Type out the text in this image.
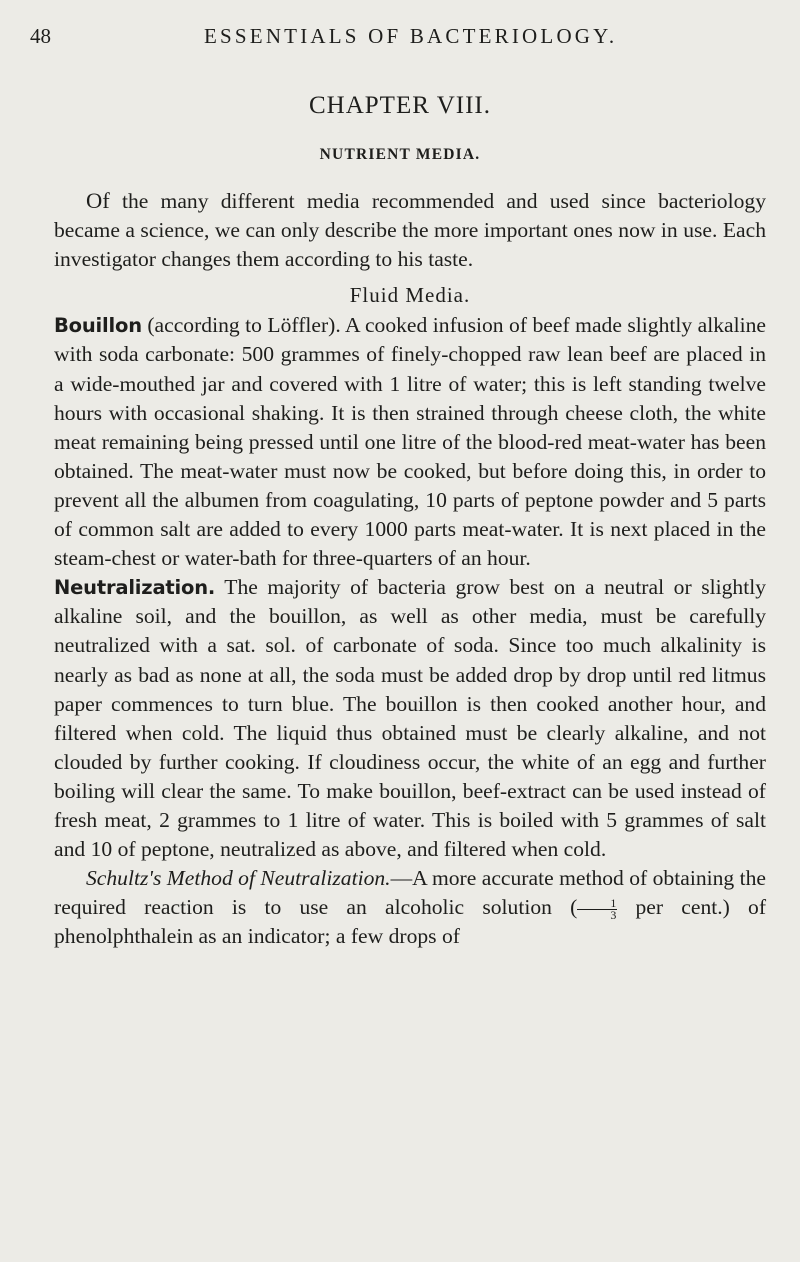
48	ESSENTIALS OF BACTERIOLOGY.
CHAPTER VIII.
NUTRIENT MEDIA.

Of the many different media recommended and used since bacteriology became a science, we can only describe the more important ones now in use. Each investigator changes them according to his taste.

Fluid Media.

Bouillon (according to Löffler). A cooked infusion of beef made slightly alkaline with soda carbonate: 500 grammes of finely-chopped raw lean beef are placed in a wide-mouthed jar and covered with 1 litre of water; this is left standing twelve hours with occasional shaking. It is then strained through cheese cloth, the white meat remaining being pressed until one litre of the blood-red meat-water has been obtained. The meat-water must now be cooked, but before doing this, in order to prevent all the albumen from coagulating, 10 parts of peptone powder and 5 parts of common salt are added to every 1000 parts meat-water. It is next placed in the steam-chest or water-bath for three-quarters of an hour.

Neutralization. The majority of bacteria grow best on a neutral or slightly alkaline soil, and the bouillon, as well as other media, must be carefully neutralized with a sat. sol. of carbonate of soda. Since too much alkalinity is nearly as bad as none at all, the soda must be added drop by drop until red litmus paper commences to turn blue. The bouillon is then cooked another hour, and filtered when cold. The liquid thus obtained must be clearly alkaline, and not clouded by further cooking. If cloudiness occur, the white of an egg and further boiling will clear the same. To make bouillon, beef-extract can be used instead of fresh meat, 2 grammes to 1 litre of water. This is boiled with 5 grammes of salt and 10 of peptone, neutralized as above, and filtered when cold.

Schultz's Method of Neutralization.—A more accurate method of obtaining the required reaction is to use an alcoholic solution ( $\frac{1}{3}$ per cent.) of phenolphthalein as an indicator; a few drops of
